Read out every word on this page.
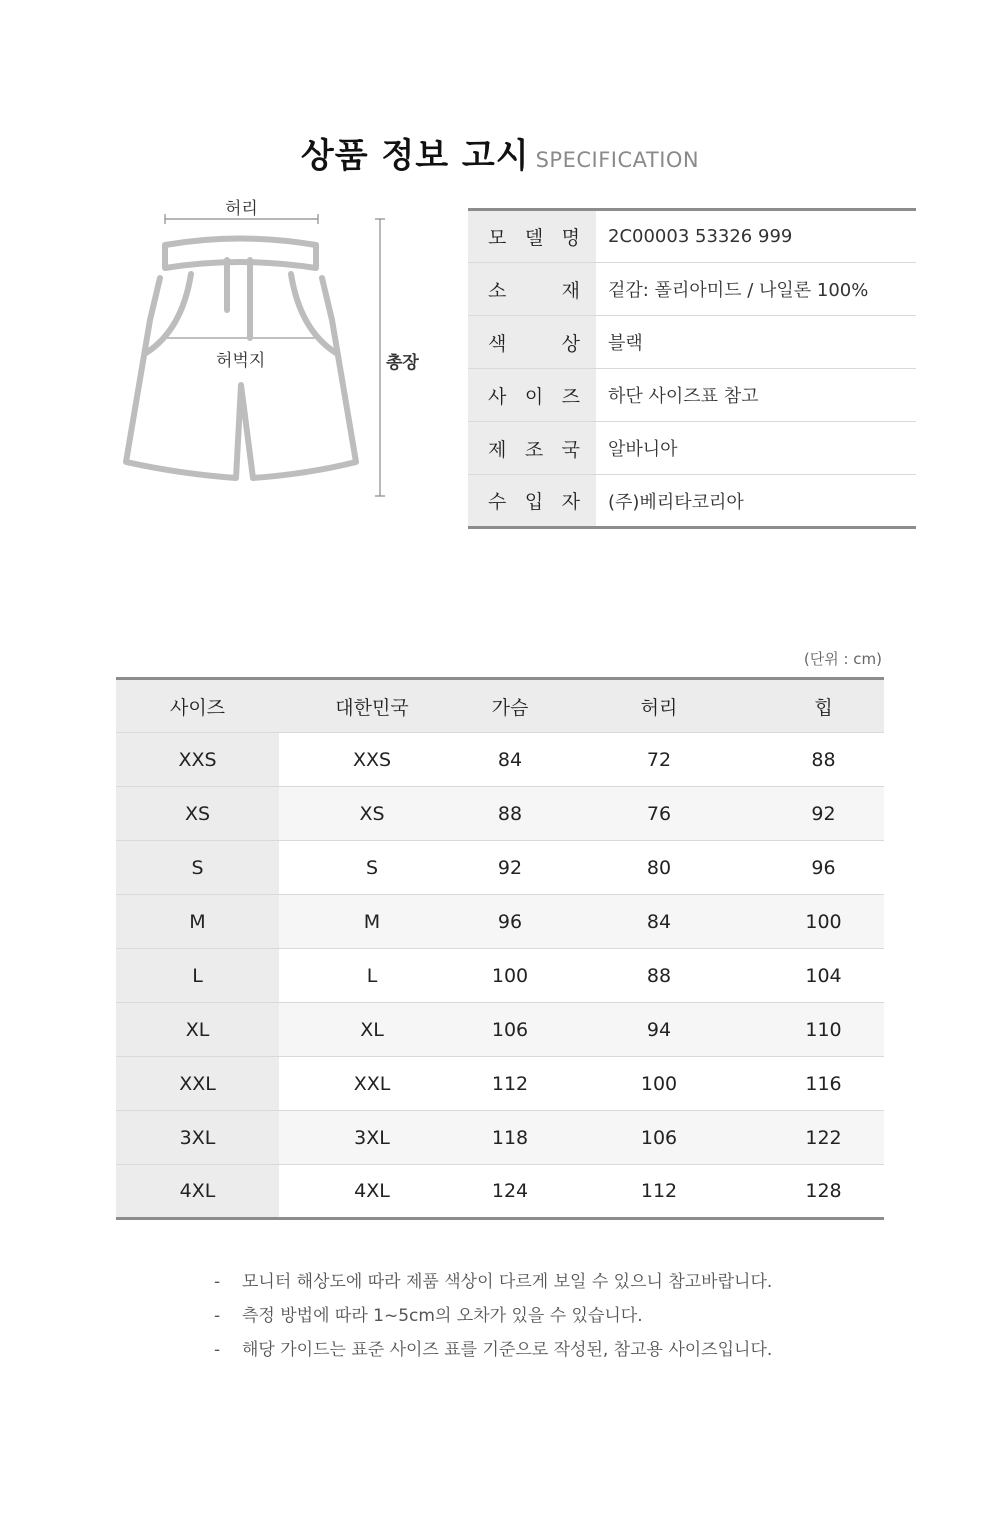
상품 정보 고시 SPECIFICATION
허리
허벅지	총장
모 델 명	2C00003 53326 999

소 재	겉감: 폴리아미드 / 나일론 100%

색 상	블랙

사 이 즈	하단 사이즈표 참고

제 조 국	알바니아

수 입 자	(주)베리타코리아
(단위 : cm)
사이즈	대한민국	가슴	허리	힙
XXS	XXS	84	72	88
XS	XS	88	76	92
S	S	92	80	96
M	M	96	84	100
L	L	100	88	104
XL	XL	106	94	110
XXL	XXL	112	100	116
3XL	3XL	118	106	122
4XL	4XL	124	112	128
-	모니터 해상도에 따라 제품 색상이 다르게 보일 수 있으니 참고바랍니다.
-	측정 방법에 따라 1~5cm의 오차가 있을 수 있습니다.
-	해당 가이드는 표준 사이즈 표를 기준으로 작성된, 참고용 사이즈입니다.
